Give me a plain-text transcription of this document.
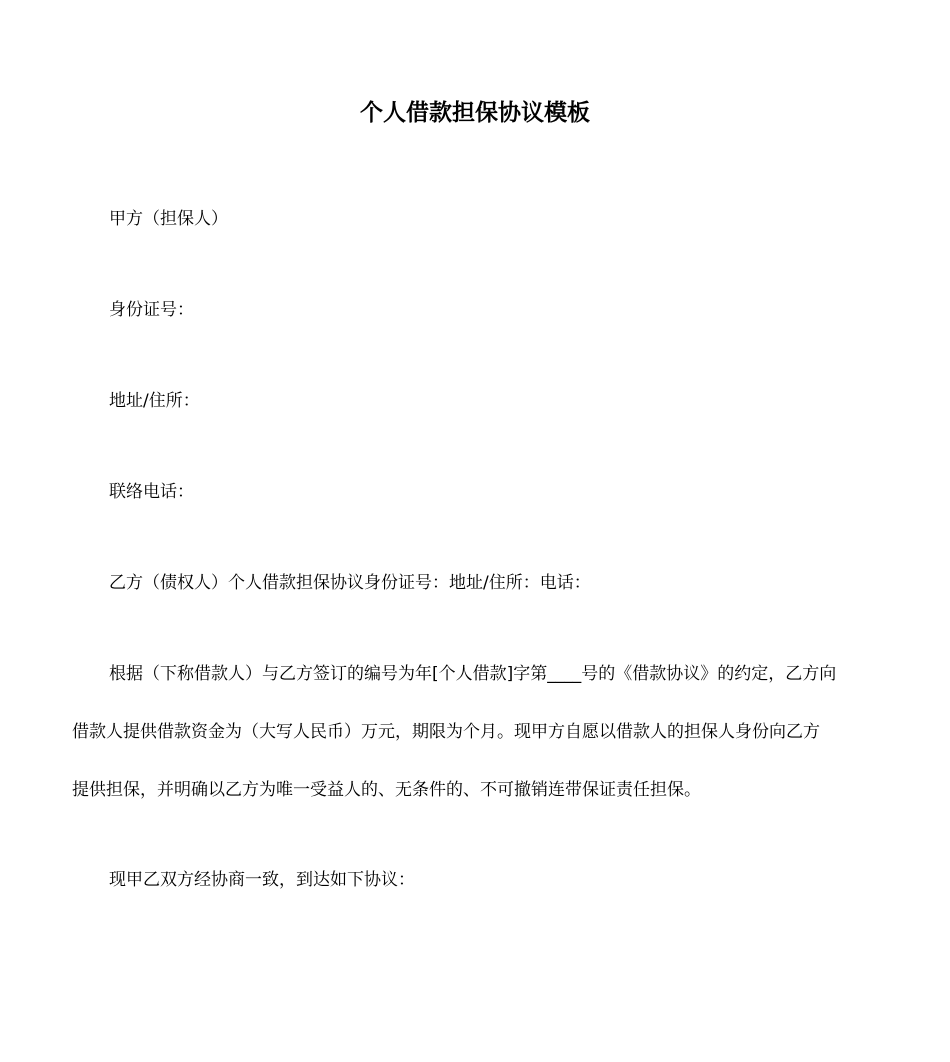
个人借款担保协议模板

甲方（担保人）

身份证号：

地址/住所：

联络电话：

乙方（债权人）个人借款担保协议身份证号：地址/住所：电话：

根据（下称借款人）与乙方签订的编号为年[个人借款]字第____号的《借款协议》的约定，乙方向
借款人提供借款资金为（大写人民币）万元，期限为个月。现甲方自愿以借款人的担保人身份向乙方
提供担保，并明确以乙方为唯一受益人的、无条件的、不可撤销连带保证责任担保。

现甲乙双方经协商一致，到达如下协议：
